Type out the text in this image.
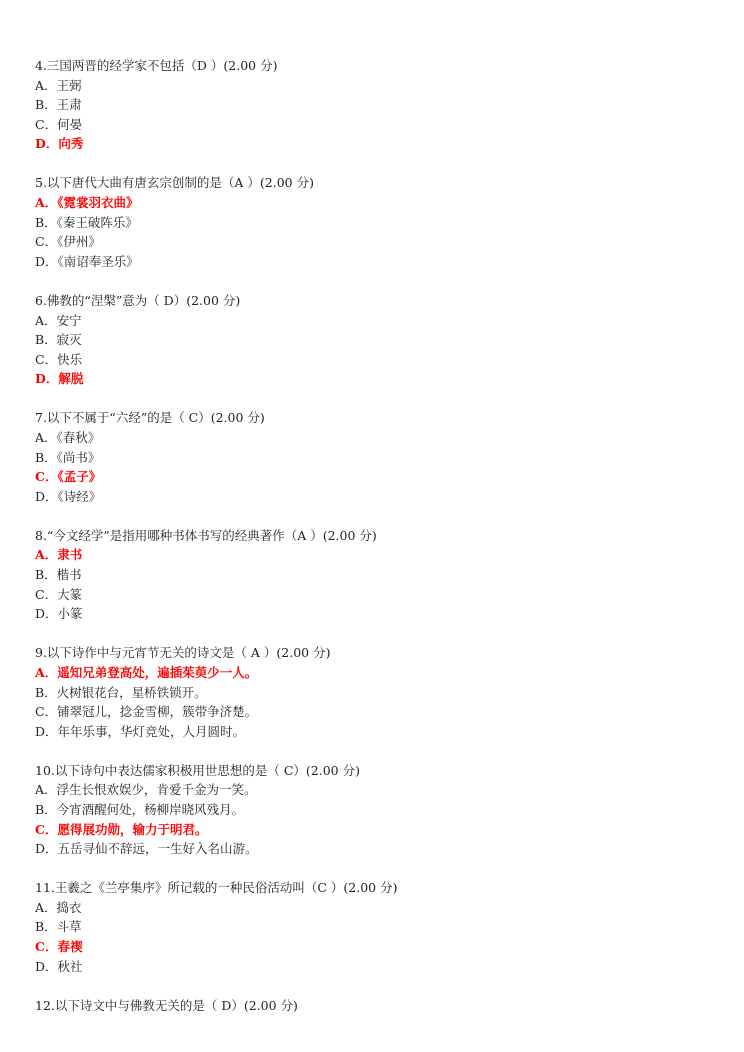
4.三国两晋的经学家不包括（D ）(2.00 分)
A．王弼
B．王肃
C．何晏
D．向秀
5.以下唐代大曲有唐玄宗创制的是（A ）(2.00 分)
A．《霓裳羽衣曲》
B．《秦王破阵乐》
C．《伊州》
D．《南诏奉圣乐》
6.佛教的“涅槃”意为（ D）(2.00 分)
A．安宁
B．寂灭
C．快乐
D．解脱
7.以下不属于“六经”的是（ C）(2.00 分)
A．《春秋》
B．《尚书》
C．《孟子》
D．《诗经》
8.“今文经学”是指用哪种书体书写的经典著作（A ）(2.00 分)
A．隶书
B．楷书
C．大篆
D．小篆
9.以下诗作中与元宵节无关的诗文是（ A ）(2.00 分)
A．遥知兄弟登高处，遍插茱萸少一人。
B．火树银花台，星桥铁锁开。
C．铺翠冠儿，捻金雪柳，簇带争济楚。
D．年年乐事，华灯竞处，人月圆时。
10.以下诗句中表达儒家积极用世思想的是（ C）(2.00 分)
A．浮生长恨欢娱少，肯爱千金为一笑。
B．今宵酒醒何处，杨柳岸晓风残月。
C．愿得展功勋，输力于明君。
D．五岳寻仙不辞远，一生好入名山游。
11.王羲之《兰亭集序》所记载的一种民俗活动叫（C ）(2.00 分)
A．捣衣
B．斗草
C．春禊
D．秋社
12.以下诗文中与佛教无关的是（ D）(2.00 分)
